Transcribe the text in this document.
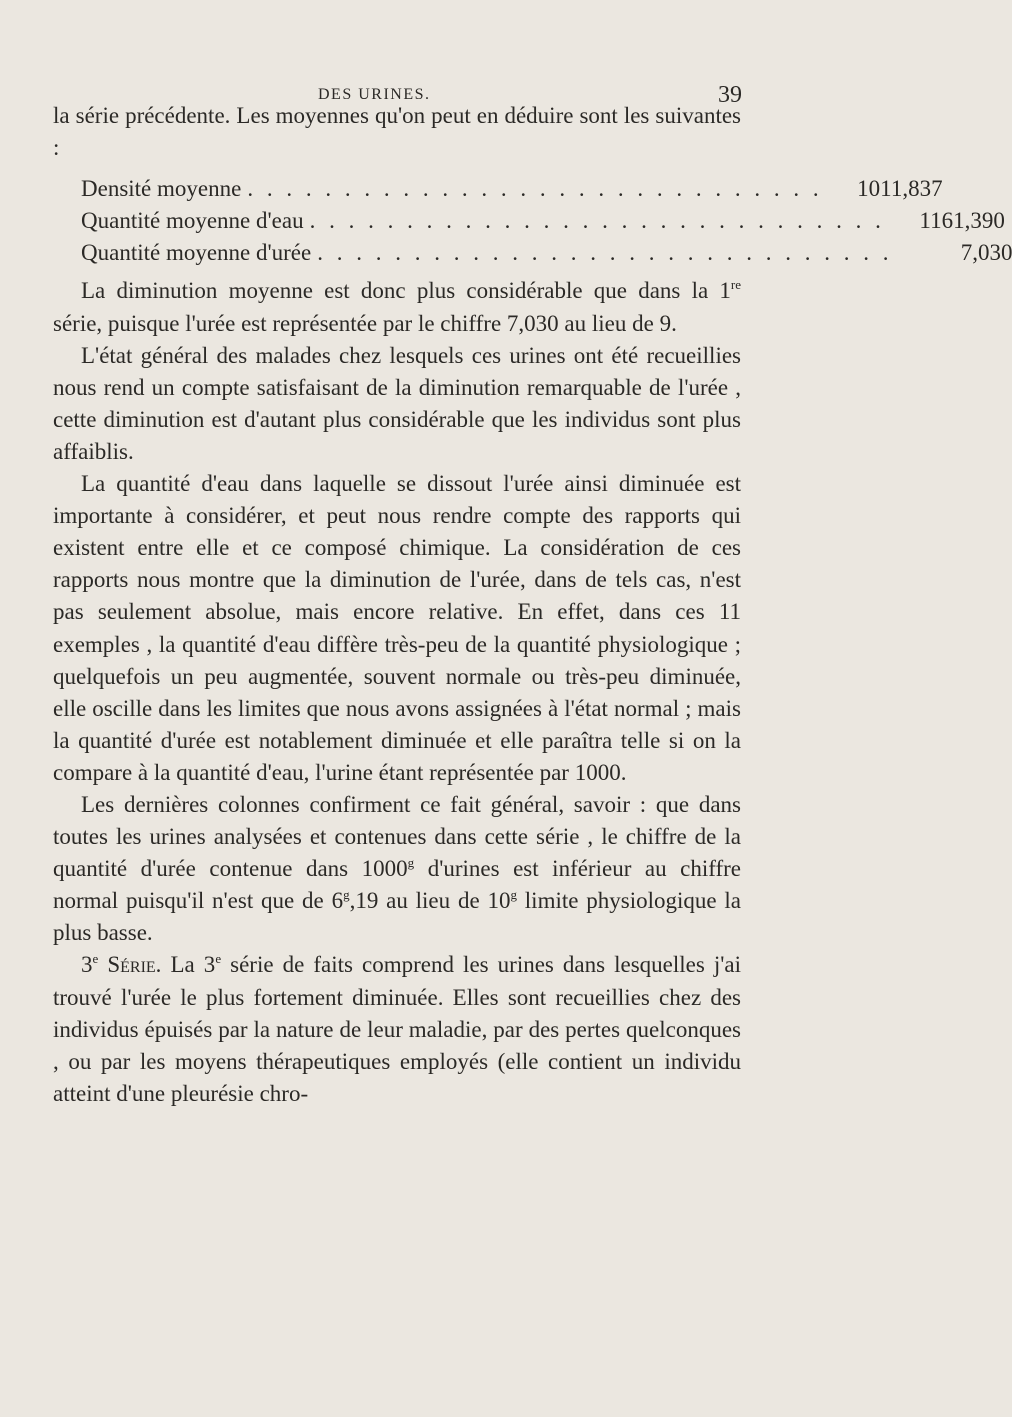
DES URINES.	39

la série précédente. Les moyennes qu'on peut en déduire sont les suivantes :

Densité moyenne . . . . . . . . . . . . . . . . . . . . . . . . . . . . . .	1011,837
Quantité moyenne d'eau . . . . . . . . . . . . . . . . . . . . . . . . . . . . . .	1161,390
Quantité moyenne d'urée . . . . . . . . . . . . . . . . . . . . . . . . . . . . . .	7,030

La diminution moyenne est donc plus considérable que dans la 1re série, puisque l'urée est représentée par le chiffre 7,030 au lieu de 9.

L'état général des malades chez lesquels ces urines ont été recueillies nous rend un compte satisfaisant de la diminution remarquable de l'urée , cette diminution est d'autant plus considérable que les individus sont plus affaiblis.

La quantité d'eau dans laquelle se dissout l'urée ainsi diminuée est importante à considérer, et peut nous rendre compte des rapports qui existent entre elle et ce composé chimique. La considération de ces rapports nous montre que la diminution de l'urée, dans de tels cas, n'est pas seulement absolue, mais encore relative. En effet, dans ces 11 exemples , la quantité d'eau diffère très-peu de la quantité physiologique ; quelquefois un peu augmentée, souvent normale ou très-peu diminuée, elle oscille dans les limites que nous avons assignées à l'état normal ; mais la quantité d'urée est notablement diminuée et elle paraîtra telle si on la compare à la quantité d'eau, l'urine étant représentée par 1000.

Les dernières colonnes confirment ce fait général, savoir : que dans toutes les urines analysées et contenues dans cette série , le chiffre de la quantité d'urée contenue dans 1000$^g$ d'urines est inférieur au chiffre normal puisqu'il n'est que de 6$^g$,19 au lieu de 10$^g$ limite physiologique la plus basse.

3e Série. La 3e série de faits comprend les urines dans lesquelles j'ai trouvé l'urée le plus fortement diminuée. Elles sont recueillies chez des individus épuisés par la nature de leur maladie, par des pertes quelconques , ou par les moyens thérapeutiques employés (elle contient un individu atteint d'une pleurésie chro-
